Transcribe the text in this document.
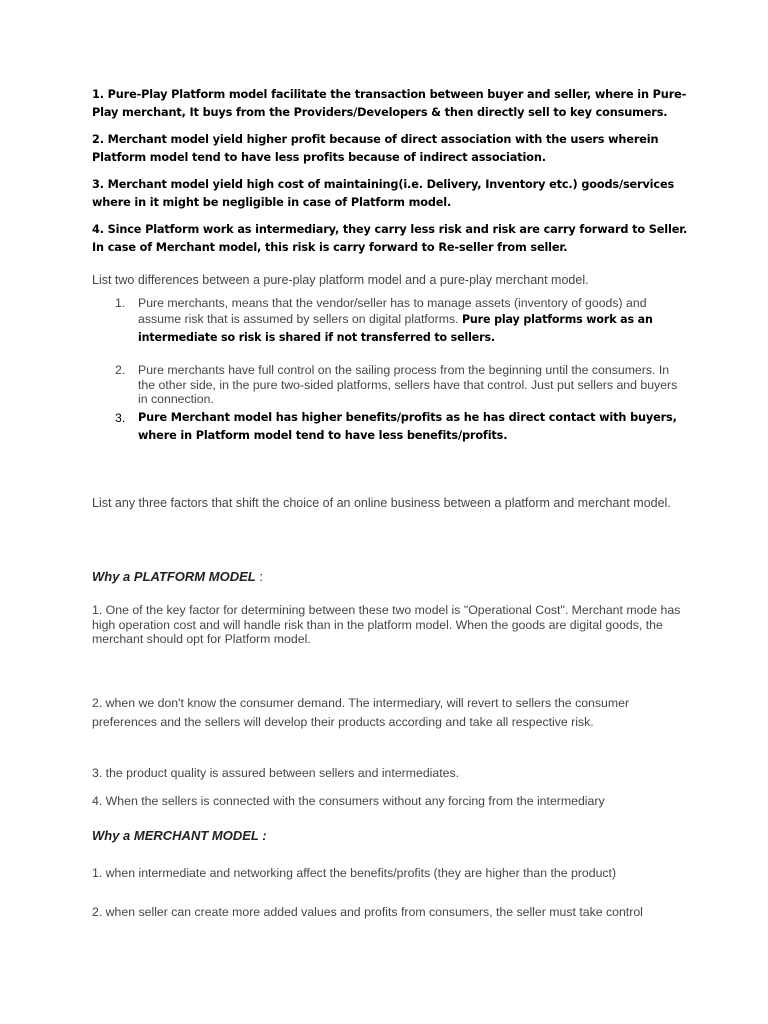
1. Pure-Play Platform model facilitate the transaction between buyer and seller, where in Pure-Play merchant, It buys from the Providers/Developers & then directly sell to key consumers.

2. Merchant model yield higher profit because of direct association with the users wherein Platform model tend to have less profits because of indirect association.

3. Merchant model yield high cost of maintaining(i.e. Delivery, Inventory etc.) goods/services where in it might be negligible in case of Platform model.

4. Since Platform work as intermediary, they carry less risk and risk are carry forward to Seller. In case of Merchant model, this risk is carry forward to Re-seller from seller.

List two differences between a pure-play platform model and a pure-play merchant model.

1. Pure merchants, means that the vendor/seller has to manage assets (inventory of goods) and assume risk that is assumed by sellers on digital platforms. Pure play platforms work as an intermediate so risk is shared if not transferred to sellers.

2. Pure merchants have full control on the sailing process from the beginning until the consumers. In the other side, in the pure two-sided platforms, sellers have that control. Just put sellers and buyers in connection.

3. Pure Merchant model has higher benefits/profits as he has direct contact with buyers, where in Platform model tend to have less benefits/profits.

List any three factors that shift the choice of an online business between a platform and merchant model.

Why a PLATFORM MODEL :

1. One of the key factor for determining between these two model is "Operational Cost". Merchant mode has high operation cost and will handle risk than in the platform model. When the goods are digital goods, the merchant should opt for Platform model.

2. when we don't know the consumer demand. The intermediary, will revert to sellers the consumer preferences and the sellers will develop their products according and take all respective risk.

3. the product quality is assured between sellers and intermediates.

4. When the sellers is connected with the consumers without any forcing from the intermediary

Why a MERCHANT MODEL :

1. when intermediate and networking affect the benefits/profits (they are higher than the product)

2. when seller can create more added values and profits from consumers, the seller must take control
